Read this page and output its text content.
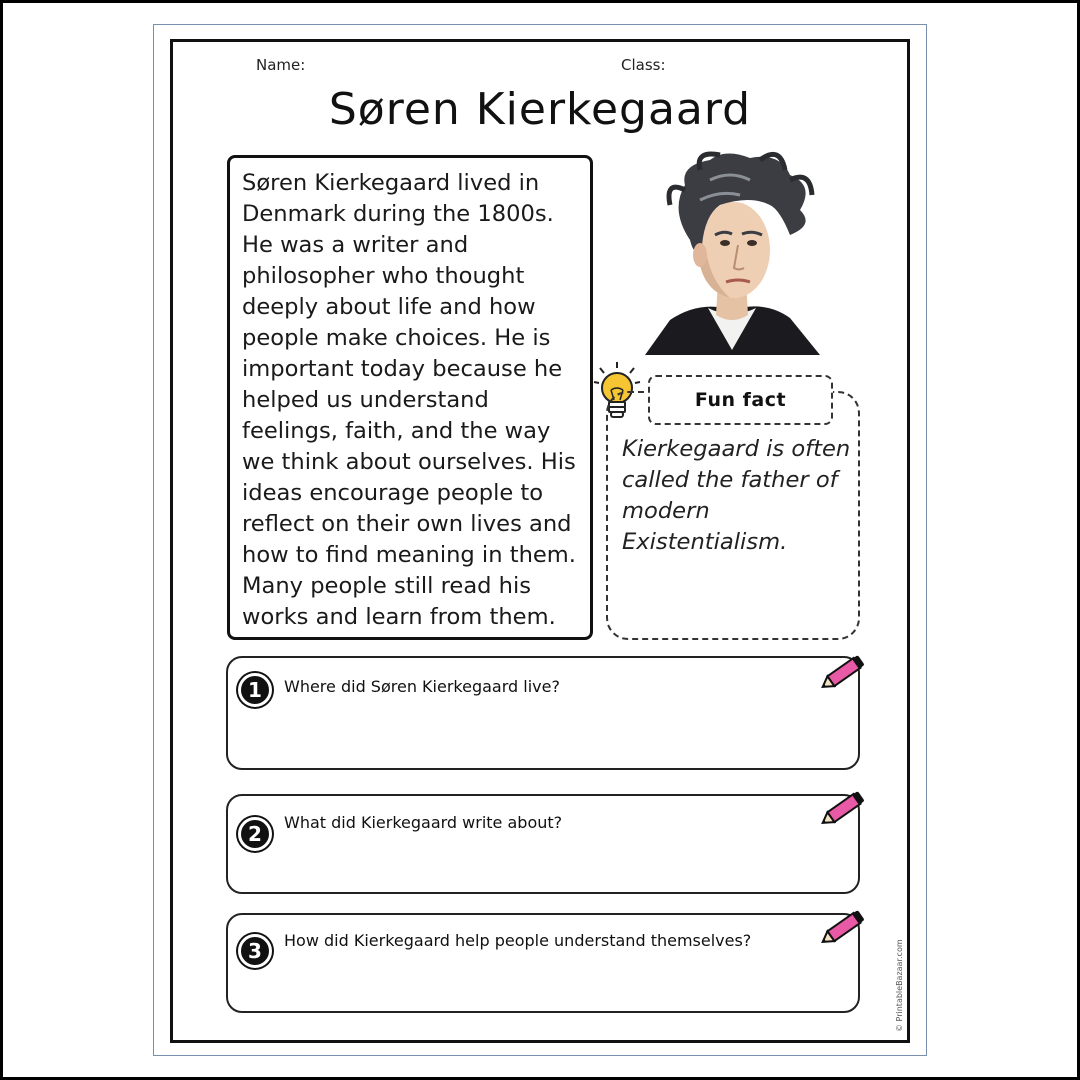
Name:	Class:
Søren Kierkegaard
Søren Kierkegaard lived in
Denmark during the 1800s.
He was a writer and
philosopher who thought
deeply about life and how
people make choices. He is
important today because he
helped us understand
feelings, faith, and the way
we think about ourselves. His
ideas encourage people to
reflect on their own lives and
how to find meaning in them.
Many people still read his
works and learn from them.
Fun fact
Kierkegaard is often
called the father of
modern
Existentialism.
1	Where did Søren Kierkegaard live?
2	What did Kierkegaard write about?
3	How did Kierkegaard help people understand themselves?	© PrintableBazaar.com
